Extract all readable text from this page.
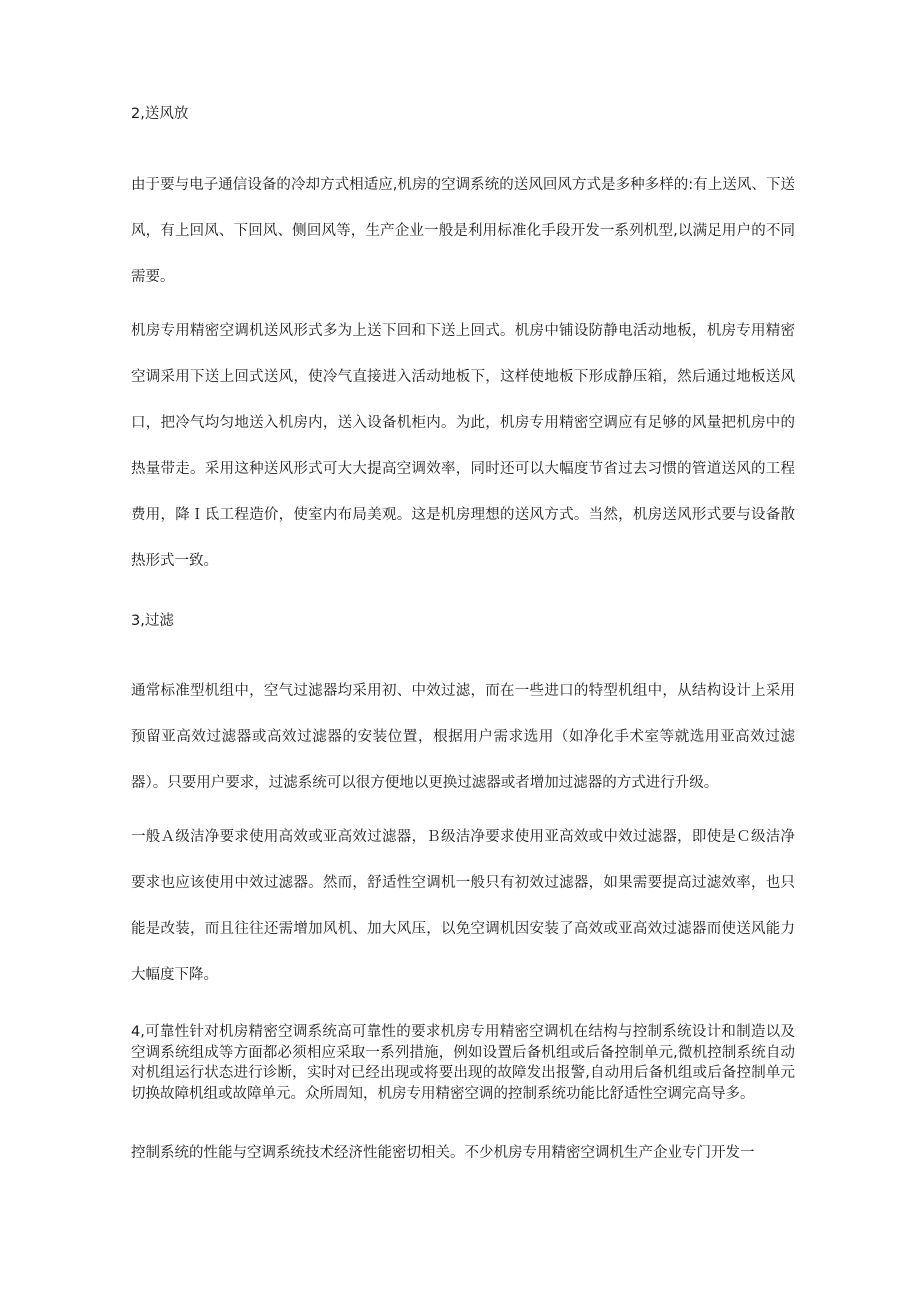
2,送风放

由于要与电子通信设备的冷却方式相适应,机房的空调系统的送风回风方式是多种多样的:有上送风、下送风，有上回风、下回风、侧回风等，生产企业一般是利用标准化手段开发一系列机型,以满足用户的不同需要。

机房专用精密空调机送风形式多为上送下回和下送上回式。机房中铺设防静电活动地板，机房专用精密空调采用下送上回式送风，使冷气直接进入活动地板下，这样使地板下形成静压箱，然后通过地板送风口，把冷气均匀地送入机房内，送入设备机柜内。为此，机房专用精密空调应有足够的风量把机房中的热量带走。采用这种送风形式可大大提高空调效率，同时还可以大幅度节省过去习惯的管道送风的工程费用，降Ｉ氐工程造价，使室内布局美观。这是机房理想的送风方式。当然，机房送风形式要与设备散热形式一致。

3,过滤

通常标准型机组中，空气过滤器均采用初、中效过滤，而在一些进口的特型机组中，从结构设计上采用预留亚高效过滤器或高效过滤器的安装位置，根据用户需求选用（如净化手术室等就选用亚高效过滤器）。只要用户要求，过滤系统可以很方便地以更换过滤器或者增加过滤器的方式进行升级。

一般Ａ级洁净要求使用高效或亚高效过滤器，Ｂ级洁净要求使用亚高效或中效过滤器，即使是Ｃ级洁净要求也应该使用中效过滤器。然而，舒适性空调机一般只有初效过滤器，如果需要提高过滤效率，也只能是改装，而且往往还需增加风机、加大风压，以免空调机因安装了高效或亚高效过滤器而使送风能力大幅度下降。

4,可靠性针对机房精密空调系统高可靠性的要求机房专用精密空调机在结构与控制系统设计和制造以及空调系统组成等方面都必须相应采取一系列措施，例如设置后备机组或后备控制单元,微机控制系统自动对机组运行状态进行诊断，实时对已经出现或将要出现的故障发出报警,自动用后备机组或后备控制单元切换故障机组或故障单元。众所周知，机房专用精密空调的控制系统功能比舒适性空调完高导多。

控制系统的性能与空调系统技术经济性能密切相关。不少机房专用精密空调机生产企业专门开发一
